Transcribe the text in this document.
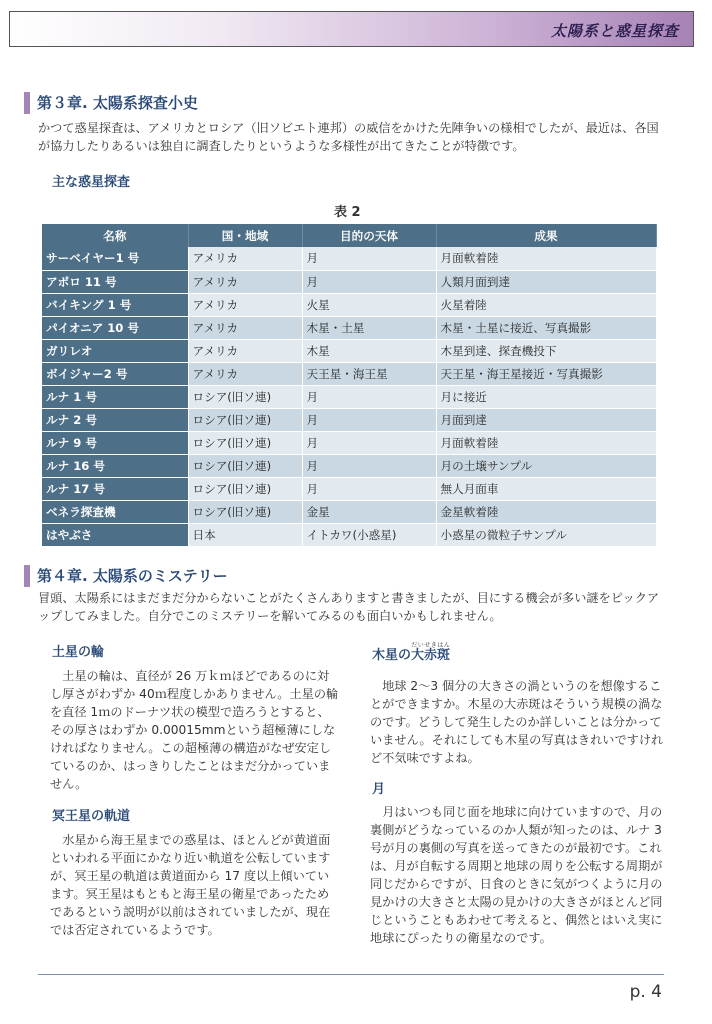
太陽系と惑星探査
第３章. 太陽系探査小史

かつて惑星探査は、アメリカとロシア（旧ソビエト連邦）の威信をかけた先陣争いの様相でしたが、最近は、各国が協力したりあるいは独自に調査したりというような多様性が出てきたことが特徴です。

主な惑星探査
表 2
名称	国・地域	目的の天体	成果
サーベイヤー1 号	アメリカ	月	月面軟着陸
アポロ 11 号	アメリカ	月	人類月面到達
バイキング 1 号	アメリカ	火星	火星着陸
パイオニア 10 号	アメリカ	木星・土星	木星・土星に接近、写真撮影
ガリレオ	アメリカ	木星	木星到達、探査機投下
ボイジャー2 号	アメリカ	天王星・海王星	天王星・海王星接近・写真撮影
ルナ 1 号	ロシア(旧ソ連)	月	月に接近
ルナ 2 号	ロシア(旧ソ連)	月	月面到達
ルナ 9 号	ロシア(旧ソ連)	月	月面軟着陸
ルナ 16 号	ロシア(旧ソ連)	月	月の土壌サンプル
ルナ 17 号	ロシア(旧ソ連)	月	無人月面車
ベネラ探査機	ロシア(旧ソ連)	金星	金星軟着陸
はやぶさ	日本	イトカワ(小惑星)	小惑星の微粒子サンプル
第４章. 太陽系のミステリー

冒頭、太陽系にはまだまだ分からないことがたくさんありますと書きましたが、目にする機会が多い謎をピックアップしてみました。自分でこのミステリーを解いてみるのも面白いかもしれません。

土星の輪

土星の輪は、直径が 26 万ｋｍほどであるのに対し厚さがわずか 40ｍ程度しかありません。土星の輪を直径 1ｍのドーナツ状の模型で造ろうとすると、その厚さはわずか 0.00015mmという超極薄にしなければなりません。この超極薄の構造がなぜ安定しているのか、はっきりしたことはまだ分かっていません。

冥王星の軌道

水星から海王星までの惑星は、ほとんどが黄道面といわれる平面にかなり近い軌道を公転していますが、冥王星の軌道は黄道面から 17 度以上傾いています。冥王星はもともと海王星の衛星であったためであるという説明が以前はされていましたが、現在では否定されているようです。

木星の大赤斑だいせきはん

地球 2～3 個分の大きさの渦というのを想像することができますか。木星の大赤斑はそういう規模の渦なのです。どうして発生したのか詳しいことは分かっていません。それにしても木星の写真はきれいですけれど不気味ですよね。

月

月はいつも同じ面を地球に向けていますので、月の裏側がどうなっているのか人類が知ったのは、ルナ 3 号が月の裏側の写真を送ってきたのが最初です。これは、月が自転する周期と地球の周りを公転する周期が同じだからですが、日食のときに気がつくように月の見かけの大きさと太陽の見かけの大きさがほとんど同じということもあわせて考えると、偶然とはいえ実に地球にぴったりの衛星なのです。

p. 4
